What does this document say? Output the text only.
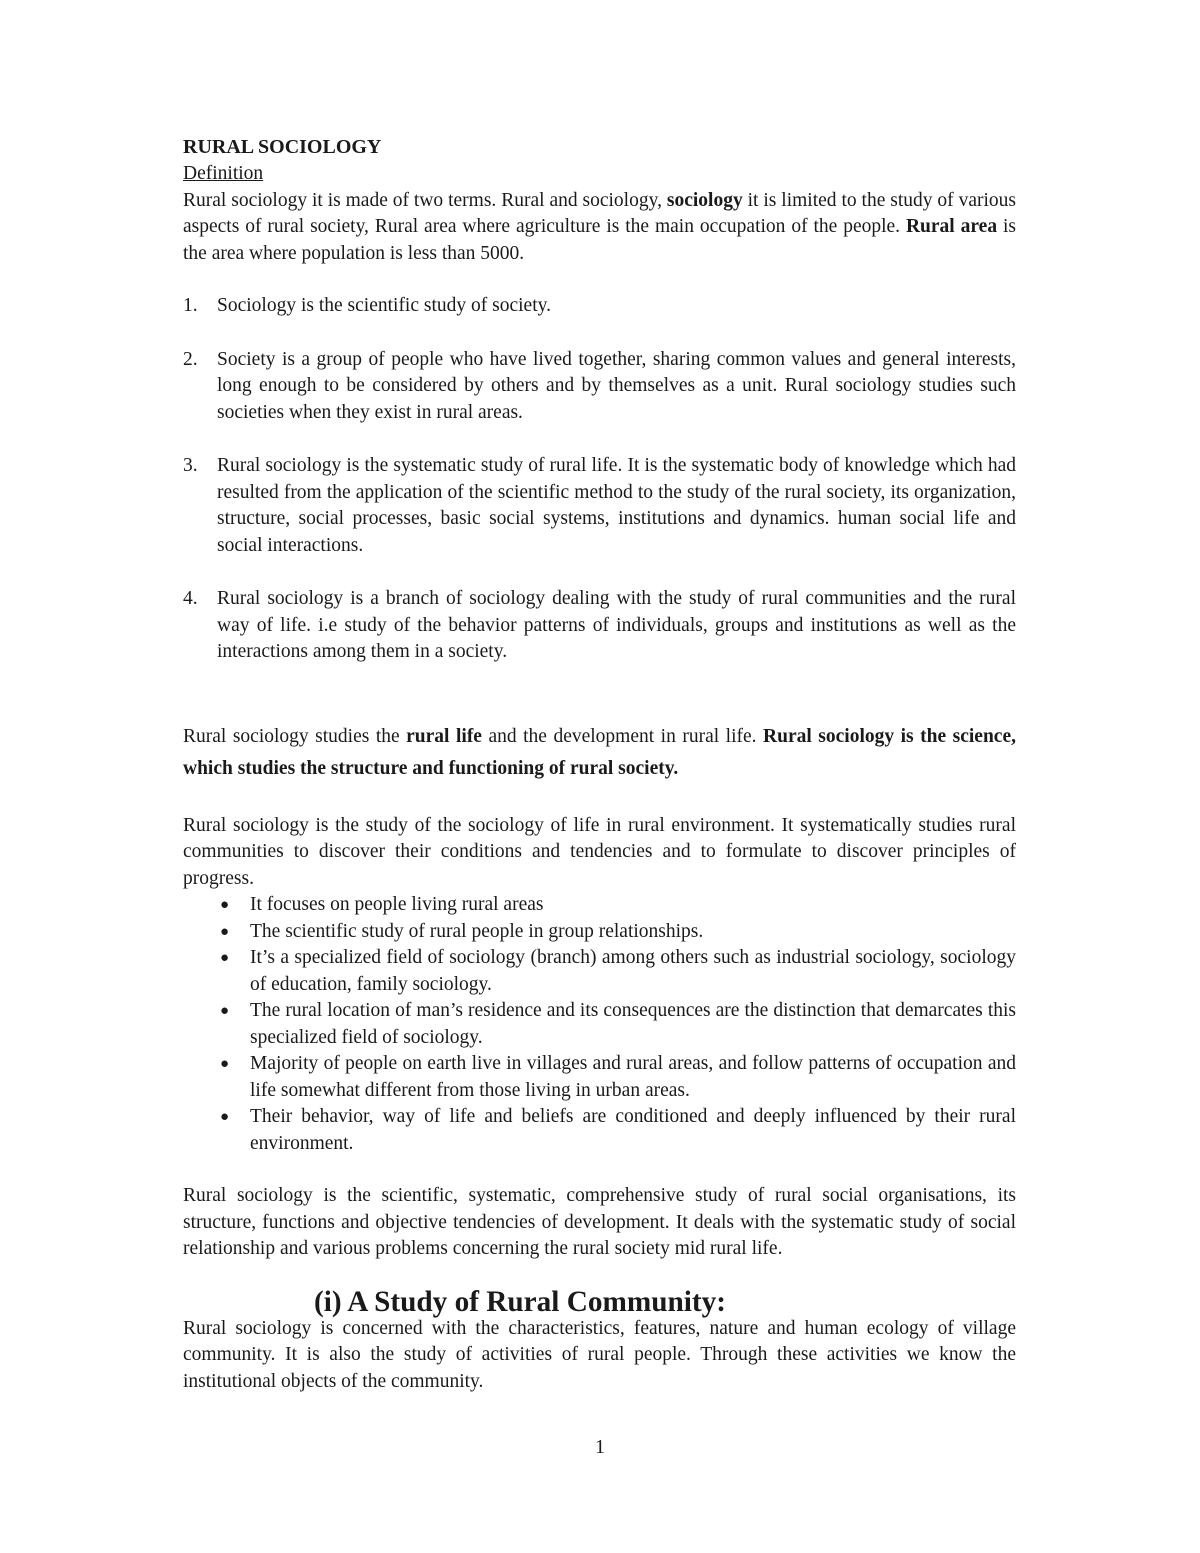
RURAL SOCIOLOGY
Definition

Rural sociology it is made of two terms. Rural and sociology, sociology it is limited to the study of various aspects of rural society, Rural area where agriculture is the main occupation of the people. Rural area is the area where population is less than 5000.

1. Sociology is the scientific study of society.
2. Society is a group of people who have lived together, sharing common values and general interests, long enough to be considered by others and by themselves as a unit. Rural sociology studies such societies when they exist in rural areas.
3. Rural sociology is the systematic study of rural life. It is the systematic body of knowledge which had resulted from the application of the scientific method to the study of the rural society, its organization, structure, social processes, basic social systems, institutions and dynamics. human social life and social interactions.
4. Rural sociology is a branch of sociology dealing with the study of rural communities and the rural way of life. i.e study of the behavior patterns of individuals, groups and institutions as well as the interactions among them in a society.

Rural sociology studies the rural life and the development in rural life. Rural sociology is the science, which studies the structure and functioning of rural society.

Rural sociology is the study of the sociology of life in rural environment. It systematically studies rural communities to discover their conditions and tendencies and to formulate to discover principles of progress.

● It focuses on people living rural areas
● The scientific study of rural people in group relationships.
● It’s a specialized field of sociology (branch) among others such as industrial sociology, sociology of education, family sociology.
● The rural location of man’s residence and its consequences are the distinction that demarcates this specialized field of sociology.
● Majority of people on earth live in villages and rural areas, and follow patterns of occupation and life somewhat different from those living in urban areas.
● Their behavior, way of life and beliefs are conditioned and deeply influenced by their rural environment.

Rural sociology is the scientific, systematic, comprehensive study of rural social organisations, its structure, functions and objective tendencies of development. It deals with the systematic study of social relationship and various problems concerning the rural society mid rural life.

(i) A Study of Rural Community:

Rural sociology is concerned with the characteristics, features, nature and human ecology of village community. It is also the study of activities of rural people. Through these activities we know the institutional objects of the community.

1
